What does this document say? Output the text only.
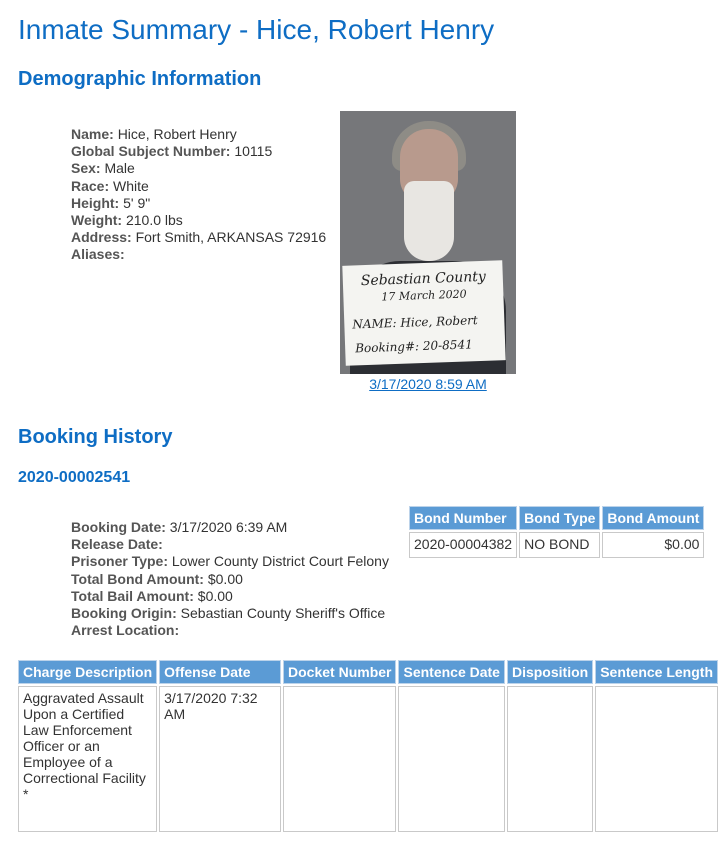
Inmate Summary - Hice, Robert Henry
Demographic Information
Name: Hice, Robert Henry
Global Subject Number: 10115
Sex: Male
Race: White
Height: 5' 9"
Weight: 210.0 lbs
Address: Fort Smith, ARKANSAS 72916
Aliases:
Sebastian County
17 March 2020
NAME: Hice, Robert
Booking#: 20-8541
3/17/2020 8:59 AM
Booking History
2020-00002541
Booking Date: 3/17/2020 6:39 AM
Release Date:
Prisoner Type: Lower County District Court Felony
Total Bond Amount: $0.00
Total Bail Amount: $0.00
Booking Origin: Sebastian County Sheriff's Office
Arrest Location:
Bond Number	Bond Type	Bond Amount
2020-00004382	NO BOND	$0.00
Charge Description	Offense Date	Docket Number	Sentence Date	Disposition	Sentence Length
Aggravated Assault Upon a Certified Law Enforcement Officer or an Employee of a Correctional Facility *	3/17/2020 7:32 AM				
